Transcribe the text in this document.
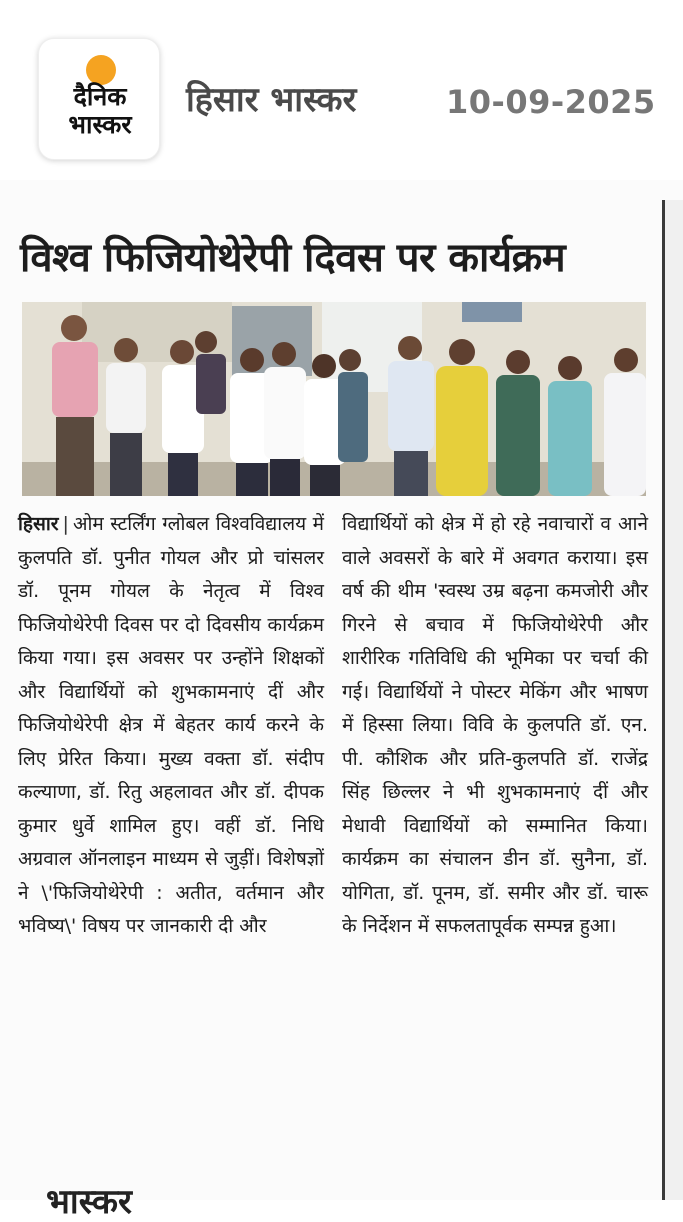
दैनिक
भास्कर
हिसार भास्कर	10-09-2025
विश्व फिजियोथेरेपी दिवस पर कार्यक्रम
हिसार | ओम स्टर्लिंग ग्लोबल विश्वविद्यालय में कुलपति डॉ. पुनीत गोयल और प्रो चांसलर डॉ. पूनम गोयल के नेतृत्व में विश्व फिजियोथेरेपी दिवस पर दो दिवसीय कार्यक्रम किया गया। इस अवसर पर उन्होंने शिक्षकों और विद्यार्थियों को शुभकामनाएं दीं और फिजियोथेरेपी क्षेत्र में बेहतर कार्य करने के लिए प्रेरित किया। मुख्य वक्ता डॉ. संदीप कल्याणा, डॉ. रितु अहलावत और डॉ. दीपक कुमार धुर्वे शामिल हुए। वहीं डॉ. निधि अग्रवाल ऑनलाइन माध्यम से जुड़ीं। विशेषज्ञों ने \'फिजियोथेरेपी : अतीत, वर्तमान और भविष्य\' विषय पर जानकारी दी और
विद्यार्थियों को क्षेत्र में हो रहे नवाचारों व आने वाले अवसरों के बारे में अवगत कराया। इस वर्ष की थीम 'स्वस्थ उम्र बढ़ना कमजोरी और गिरने से बचाव में फिजियोथेरेपी और शारीरिक गतिविधि की भूमिका पर चर्चा की गई। विद्यार्थियों ने पोस्टर मेकिंग और भाषण में हिस्सा लिया। विवि के कुलपति डॉ. एन. पी. कौशिक और प्रति-कुलपति डॉ. राजेंद्र सिंह छिल्लर ने भी शुभकामनाएं दीं और मेधावी विद्यार्थियों को सम्मानित किया। कार्यक्रम का संचालन डीन डॉ. सुनैना, डॉ. योगिता, डॉ. पूनम, डॉ. समीर और डॉ. चारू के निर्देशन में सफलतापूर्वक सम्पन्न हुआ।
भास्कर
